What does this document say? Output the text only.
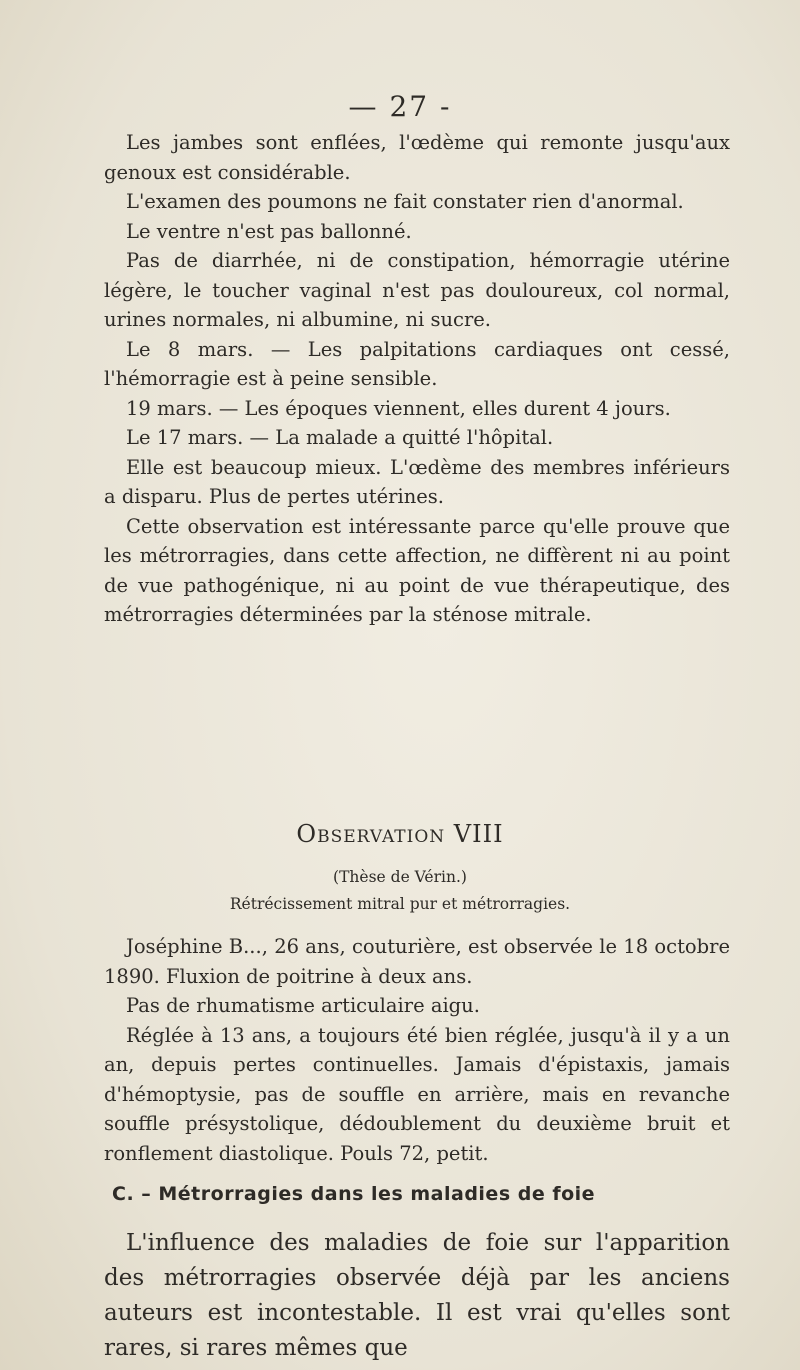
— 27 -

Les jambes sont enflées, l'œdème qui remonte jusqu'aux genoux est considérable.

L'examen des poumons ne fait constater rien d'anormal.

Le ventre n'est pas ballonné.

Pas de diarrhée, ni de constipation, hémorragie utérine légère, le toucher vaginal n'est pas douloureux, col normal, urines normales, ni albumine, ni sucre.

Le 8 mars. — Les palpitations cardiaques ont cessé, l'hémorragie est à peine sensible.

19 mars. — Les époques viennent, elles durent 4 jours.

Le 17 mars. — La malade a quitté l'hôpital.

Elle est beaucoup mieux. L'œdème des membres inférieurs a disparu. Plus de pertes utérines.

Cette observation est intéressante parce qu'elle prouve que les métrorragies, dans cette affection, ne diffèrent ni au point de vue pathogénique, ni au point de vue thérapeutique, des métrorragies déterminées par la sténose mitrale.

Observation VIII
(Thèse de Vérin.)
Rétrécissement mitral pur et métrorragies.

Joséphine B..., 26 ans, couturière, est observée le 18 octobre 1890. Fluxion de poitrine à deux ans.

Pas de rhumatisme articulaire aigu.

Réglée à 13 ans, a toujours été bien réglée, jusqu'à il y a un an, depuis pertes continuelles. Jamais d'épistaxis, jamais d'hémoptysie, pas de souffle en arrière, mais en revanche souffle présystolique, dédoublement du deuxième bruit et ronflement diastolique. Pouls 72, petit.

C. – Métrorragies dans les maladies de foie

L'influence des maladies de foie sur l'apparition des métrorragies observée déjà par les anciens auteurs est incontestable. Il est vrai qu'elles sont rares, si rares mêmes que
